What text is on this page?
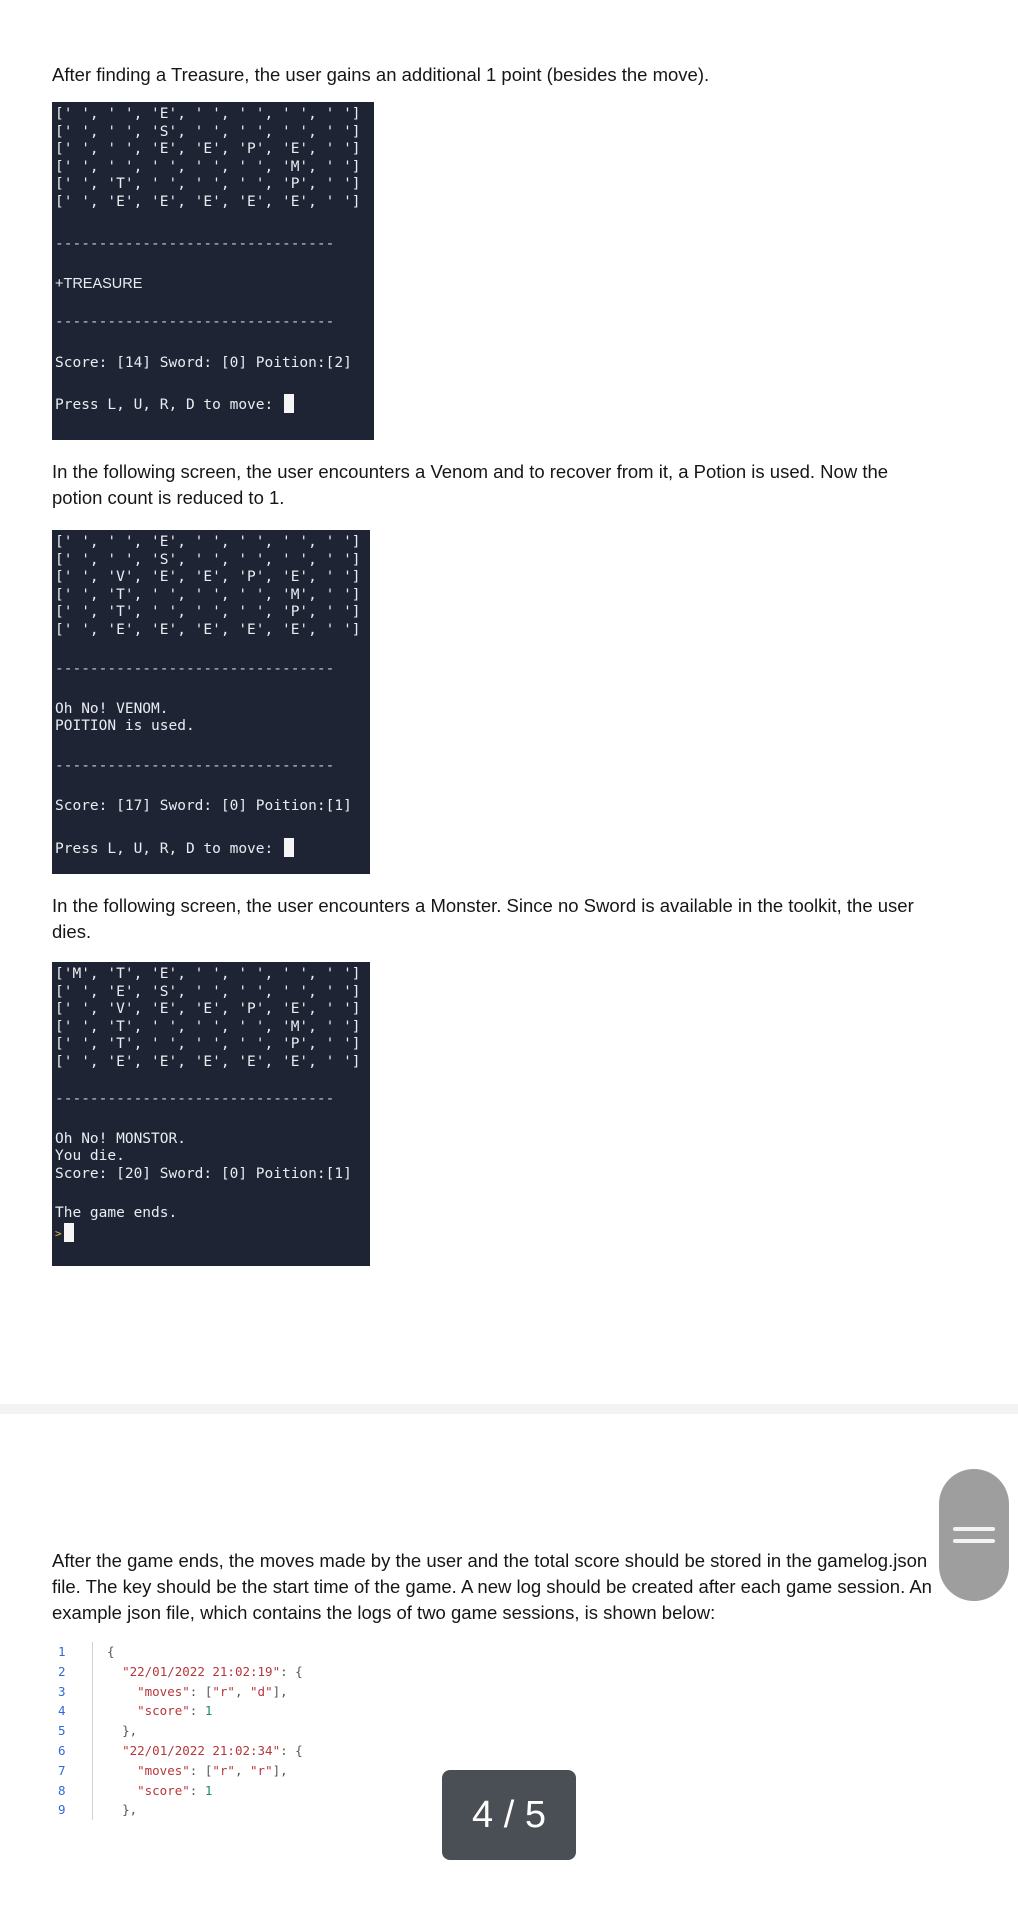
After finding a Treasure, the user gains an additional 1 point (besides the move).

[' ', ' ', 'E', ' ', ' ', ' ', ' ']
[' ', ' ', 'S', ' ', ' ', ' ', ' ']
[' ', ' ', 'E', 'E', 'P', 'E', ' ']
[' ', ' ', ' ', ' ', ' ', 'M', ' ']
[' ', 'T', ' ', ' ', ' ', 'P', ' ']
[' ', 'E', 'E', 'E', 'E', 'E', ' ']
--------------------------------
+TREASURE
--------------------------------
Score: [14] Sword: [0] Poition:[2]
Press L, U, R, D to move:

In the following screen, the user encounters a Venom and to recover from it, a Potion is used. Now the potion count is reduced to 1.

[' ', ' ', 'E', ' ', ' ', ' ', ' ']
[' ', ' ', 'S', ' ', ' ', ' ', ' ']
[' ', 'V', 'E', 'E', 'P', 'E', ' ']
[' ', 'T', ' ', ' ', ' ', 'M', ' ']
[' ', 'T', ' ', ' ', ' ', 'P', ' ']
[' ', 'E', 'E', 'E', 'E', 'E', ' ']
--------------------------------
Oh No! VENOM.
POITION is used.
--------------------------------
Score: [17] Sword: [0] Poition:[1]
Press L, U, R, D to move:

In the following screen, the user encounters a Monster. Since no Sword is available in the toolkit, the user dies.

['M', 'T', 'E', ' ', ' ', ' ', ' ']
[' ', 'E', 'S', ' ', ' ', ' ', ' ']
[' ', 'V', 'E', 'E', 'P', 'E', ' ']
[' ', 'T', ' ', ' ', ' ', 'M', ' ']
[' ', 'T', ' ', ' ', ' ', 'P', ' ']
[' ', 'E', 'E', 'E', 'E', 'E', ' ']
--------------------------------
Oh No! MONSTOR.
You die.
Score: [20] Sword: [0] Poition:[1]
The game ends.
>

After the game ends, the moves made by the user and the total score should be stored in the gamelog.json file. The key should be the start time of the game. A new log should be created after each game session. An example json file, which contains the logs of two game sessions, is shown below:

1	{
2	"22/01/2022 21:02:19": {
3	"moves": ["r", "d"],
4	"score": 1
5	},
6	"22/01/2022 21:02:34": {
7	"moves": ["r", "r"],
8	"score": 1
9	},	4 / 5
